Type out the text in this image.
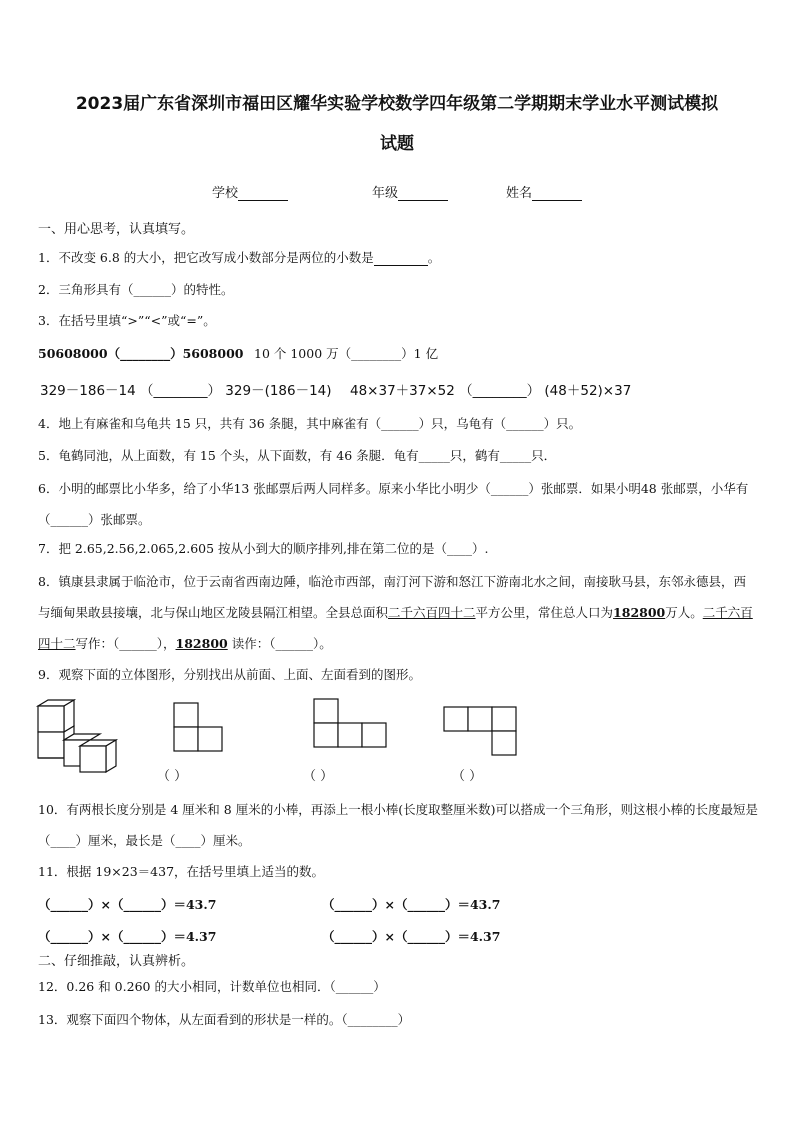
2023届广东省深圳市福田区耀华实验学校数学四年级第二学期期末学业水平测试模拟
试题
学校	年级	姓名
一、用心思考，认真填写。
1．不改变 6.8 的大小，把它改写成小数部分是两位的小数是	。
2．三角形具有（______）的特性。
3．在括号里填“>”“<”或“=”。
50608000（________）5608000 10 个 1000 万（________）1 亿
329－186－14 （________） 329－(186－14) 48×37＋37×52 （________） (48＋52)×37
4．地上有麻雀和乌龟共 15 只，共有 36 条腿，其中麻雀有（______）只，乌龟有（______）只。
5．龟鹤同池，从上面数，有 15 个头，从下面数，有 46 条腿．龟有_____只，鹤有_____只．
6．小明的邮票比小华多，给了小华13 张邮票后两人同样多。原来小华比小明少（______）张邮票．如果小明48 张邮票，小华有（______）张邮票。
7．把 2.65,2.56,2.065,2.605 按从小到大的顺序排列,排在第二位的是（____）.
8．镇康县隶属于临沧市，位于云南省西南边陲，临沧市西部，南汀河下游和怒江下游南北水之间，南接耿马县，东邻永德县，西与缅甸果敢县接壤，北与保山地区龙陵县隔江相望。全县总面积二千六百四十二平方公里，常住总人口为182800万人。二千六百四十二写作：（______），182800 读作：（______）。
9．观察下面的立体图形，分别找出从前面、上面、左面看到的图形。
（ ）	（ ）	（ ）
10．有两根长度分别是 4 厘米和 8 厘米的小棒，再添上一根小棒(长度取整厘米数)可以搭成一个三角形，则这根小棒的长度最短是（____）厘米，最长是（____）厘米。
11．根据 19×23＝437，在括号里填上适当的数。
（______）×（______）＝43.7	（______）×（______）＝43.7
（______）×（______）＝4.37	（______）×（______）＝4.37
二、仔细推敲，认真辨析。
12．0.26 和 0.260 的大小相同，计数单位也相同．（______）
13．观察下面四个物体，从左面看到的形状是一样的。（________）
